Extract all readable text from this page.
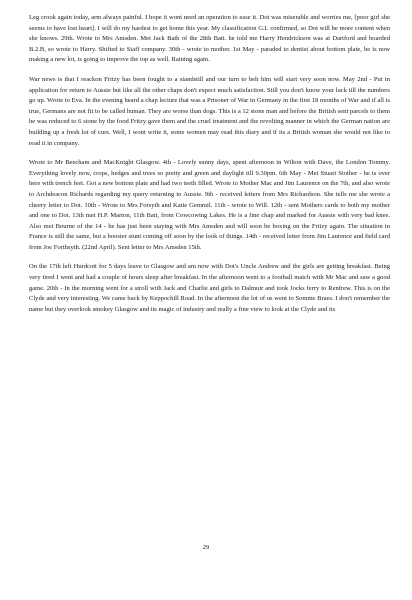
Leg crook again today, arm always painful. I hope it wont need an operation to ease it. Dot was miserable and worries me, [poor girl she seems to have lost heart]. I will do my hardest to get home this year. My classification G.I. confirmed, so Dot will be more content when she knows. 29th. Wrote to Mrs Amsden. Met Jack Bath of the 28th Batt. he told me Harry Hendrickson was at Dartford and boarded B.2.B, so wrote to Harry. Shifted to Staff company. 30th - wrote to mother. 1st May - paraded to dentist about bottom plate, he is now making a new lot, is going to improve the top as well. Raining again.

War news is that I reackon Fritzy has been fought to a standstill and our turn to belt him will start very soon now. May 2nd - Put in application for return to Aussie but like all the other chaps don't expect much satisfaction. Still you don't know your luck till the numbers go up. Wrote to Eva. In the evening heard a chap lecture that was a Prisoner of War in Germany in the first 18 months of War and if all is true, Germans are not fit to be called human. They are worse than dogs. This is a 12 stone man and before the British sent parcels to them he was reduced to 6 stone by the food Fritzy gave them and the cruel treatment and the revolting manner in which the German nation are building up a fresh lot of curs. Well, I wont write it, some women may read this diary and if its a British woman she would not like to read it in company.

Wrote to Mr Beecham and MacKnight Glasgow. 4th - Lovely sunny days, spent afternoon in Wilton with Dave, the London Tommy. Everything lovely now, crops, hedges and trees so pretty and green and daylight till 9.30pm. 6th May - Met Stuart Stother - he is over here with trench feet. Got a new bottom plate and had two teeth filled. Wrote to Mother Mac and Jim Laurence on the 7th, and also wrote to Archdeacon Richards regarding my query returning to Aussie. 9th - received letters from Mrs Richardson. She tells me she wrote a cheery letter to Dot. 10th - Wrote to Mrs Forsyth and Katie Gemmil. 11th - wrote to Will. 12th - sent Mothers cards to both my mother and one to Dot. 13th met H.P. Marton, 11th Batt, from Cowcowing Lakes. He is a fine chap and marked for Aussie with very bad knee. Also met Bourne of the 14 - he has just been staying with Mrs Amsden and will soon be boxing on the Fritzy again. The situation in France is still the same, but a booster stunt coming off soon by the look of things. 14th - received letter from Jim Laurence and field card from Joe Forthsyth. (22nd April). Sent letter to Mrs Amsden 15th.

On the 17th left Hurdcott for 5 days leave to Glasgow and am now with Dot's Uncle Andrew and the girls are getting breakfast. Being very tired I went and had a couple of hours sleep after breakfast. In the afternoon went to a football match with Mr Mac and saw a good game. 20th - In the morning went for a stroll with Jack and Charlie and girls to Dalmuir and took Jocks ferry to Renfrew. This is on the Clyde and very interesting. We came back by Keppochill Road. In the afternoon the lot of us went to Somme Braes. I don't remember the name but they overlook smokey Glasgow and its magic of industry and really a fine view to look at the Clyde and its

29
